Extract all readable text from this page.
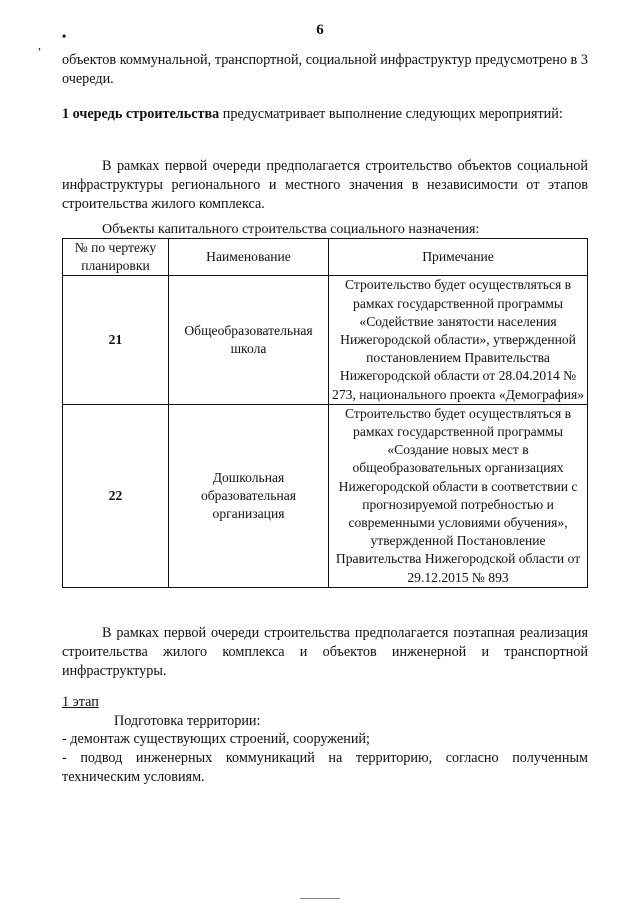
6
,
•
объектов коммунальной, транспортной, социальной инфраструктур предусмотрено в 3 очереди.
1 очередь строительства предусматривает выполнение следующих мероприятий:
В рамках первой очереди предполагается строительство объектов социальной инфраструктуры регионального и местного значения в независимости от этапов строительства жилого комплекса.
Объекты капитального строительства социального назначения:
№ по чертежу планировки	Наименование	Примечание
21	Общеобразовательная школа	Строительство будет осуществляться в рамках государственной программы «Содействие занятости населения Нижегородской области», утвержденной постановлением Правительства Нижегородской области от 28.04.2014 № 273, национального проекта «Демография»
22	Дошкольная образовательная организация	Строительство будет осуществляться в рамках государственной программы «Создание новых мест в общеобразовательных организациях Нижегородской области в соответствии с прогнозируемой потребностью и современными условиями обучения», утвержденной Постановление Правительства Нижегородской области от 29.12.2015 № 893
В рамках первой очереди строительства предполагается поэтапная реализация строительства жилого комплекса и объектов инженерной и транспортной инфраструктуры.
1 этап
Подготовка территории:
- демонтаж существующих строений, сооружений;
- подвод инженерных коммуникаций на территорию, согласно полученным техническим условиям.
